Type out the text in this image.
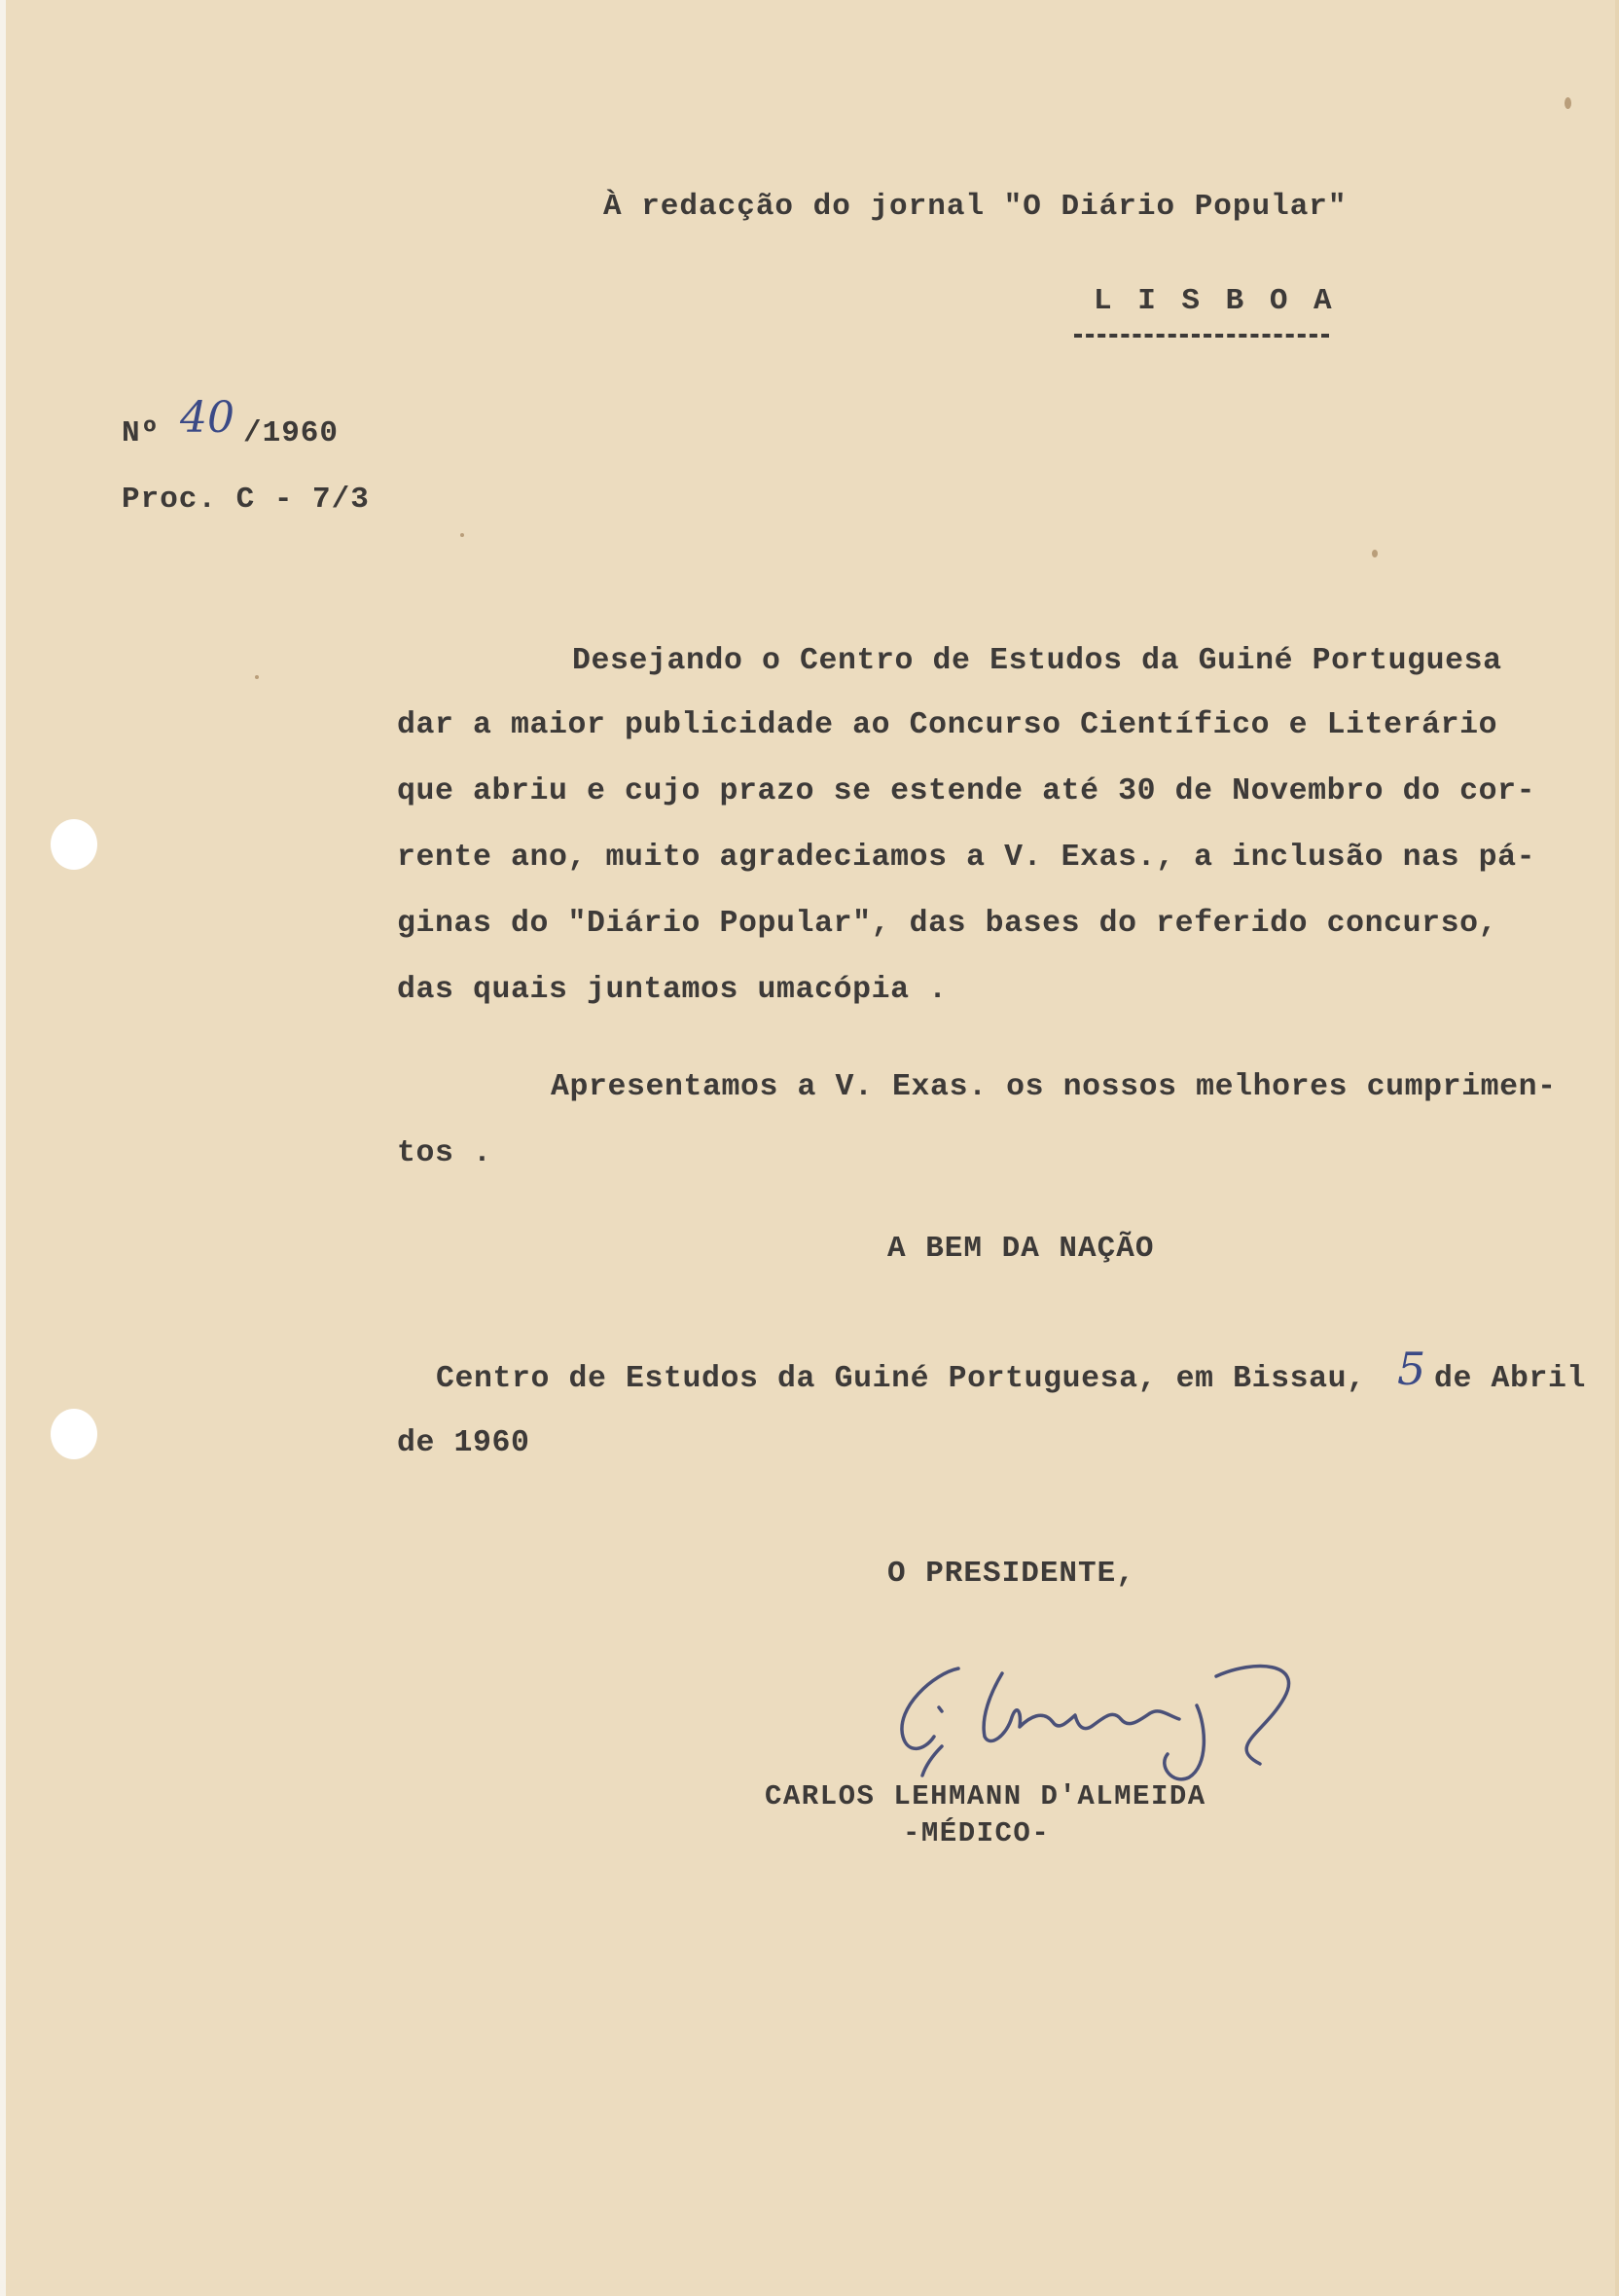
À redacção do jornal "O Diário Popular"
L I S B O A
Nº 40 /1960
Proc. C - 7/3
Desejando o Centro de Estudos da Guiné Portuguesa
dar a maior publicidade ao Concurso Científico e Literário
que abriu e cujo prazo se estende até 30 de Novembro do cor-
rente ano, muito agradeciamos a V. Exas., a inclusão nas pá-
ginas do "Diário Popular", das bases do referido concurso,
das quais juntamos umacópia .
Apresentamos a V. Exas. os nossos melhores cumprimen-
tos .
A BEM DA NAÇÃO
Centro de Estudos da Guiné Portuguesa, em Bissau, 5 de Abril
de 1960
O PRESIDENTE,
CARLOS LEHMANN D'ALMEIDA
-MÉDICO-
